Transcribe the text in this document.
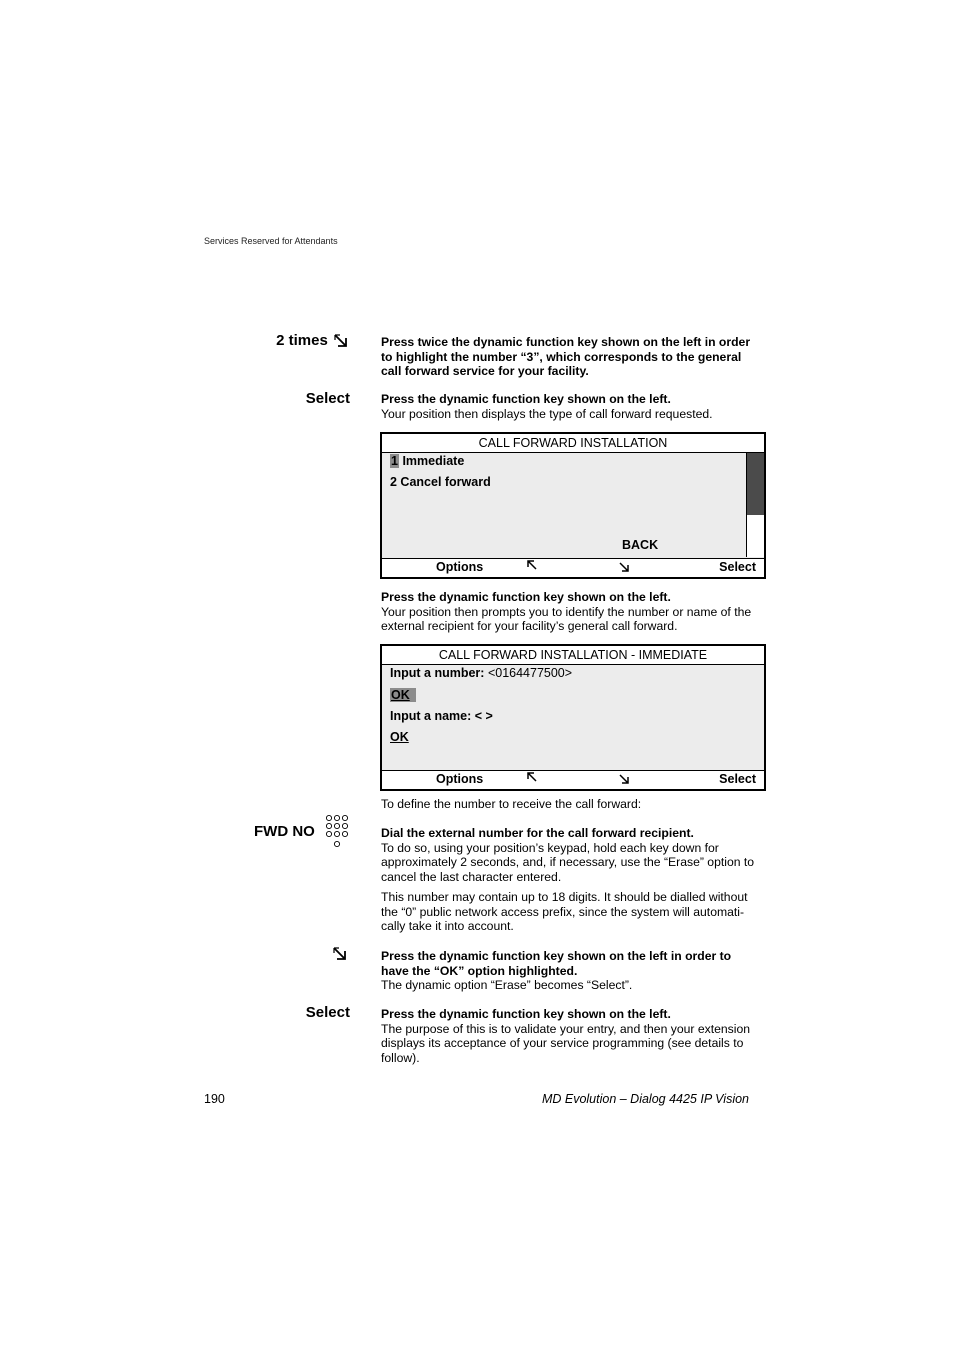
Services Reserved for Attendants
2 times	Press twice the dynamic function key shown on the left in order to highlight the number “3”, which corresponds to the general call forward service for your facility.
Select	Press the dynamic function key shown on the left.
Your position then displays the type of call forward requested.
CALL FORWARD INSTALLATION
1 Immediate
2 Cancel forward
BACK
Options	Select
Press the dynamic function key shown on the left.
Your position then prompts you to identify the number or name of the external recipient for your facility’s general call forward.
CALL FORWARD INSTALLATION - IMMEDIATE
Input a number: <0164477500>
OK
Input a name: < >
OK
Options	Select
To define the number to receive the call forward:
FWD NO	Dial the external number for the call forward recipient.
To do so, using your position’s keypad, hold each key down for approximately 2 seconds, and, if necessary, use the “Erase” option to cancel the last character entered.
This number may contain up to 18 digits. It should be dialled without the “0” public network access prefix, since the system will automati-cally take it into account.
Press the dynamic function key shown on the left in order to have the “OK” option highlighted.
The dynamic option “Erase” becomes “Select”.
Select	Press the dynamic function key shown on the left.
The purpose of this is to validate your entry, and then your extension displays its acceptance of your service programming (see details to follow).
190	MD Evolution – Dialog 4425 IP Vision
